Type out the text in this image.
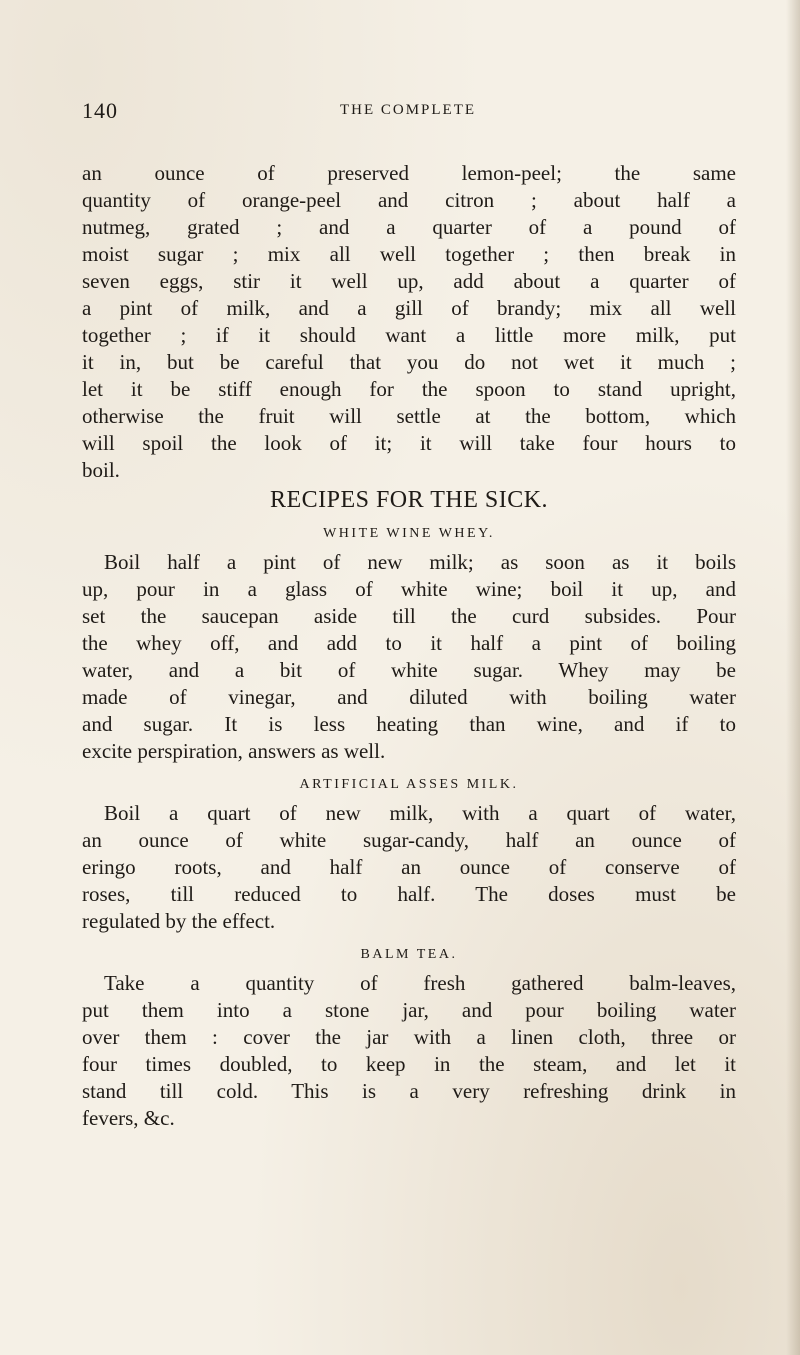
140	THE COMPLETE
an ounce of preserved lemon-peel; the same
quantity of orange-peel and citron ; about half a
nutmeg, grated ; and a quarter of a pound of
moist sugar ; mix all well together ; then break in
seven eggs, stir it well up, add about a quarter of
a pint of milk, and a gill of brandy; mix all well
together ; if it should want a little more milk, put
it in, but be careful that you do not wet it much ;
let it be stiff enough for the spoon to stand upright,
otherwise the fruit will settle at the bottom, which
will spoil the look of it; it will take four hours to
boil.
RECIPES FOR THE SICK.
WHITE WINE WHEY.
Boil half a pint of new milk; as soon as it boils
up, pour in a glass of white wine; boil it up, and
set the saucepan aside till the curd subsides. Pour
the whey off, and add to it half a pint of boiling
water, and a bit of white sugar. Whey may be
made of vinegar, and diluted with boiling water
and sugar. It is less heating than wine, and if to
excite perspiration, answers as well.
ARTIFICIAL ASSES MILK.
Boil a quart of new milk, with a quart of water,
an ounce of white sugar-candy, half an ounce of
eringo roots, and half an ounce of conserve of
roses, till reduced to half. The doses must be
regulated by the effect.
BALM TEA.
Take a quantity of fresh gathered balm-leaves,
put them into a stone jar, and pour boiling water
over them : cover the jar with a linen cloth, three or
four times doubled, to keep in the steam, and let it
stand till cold. This is a very refreshing drink in
fevers, &c.
